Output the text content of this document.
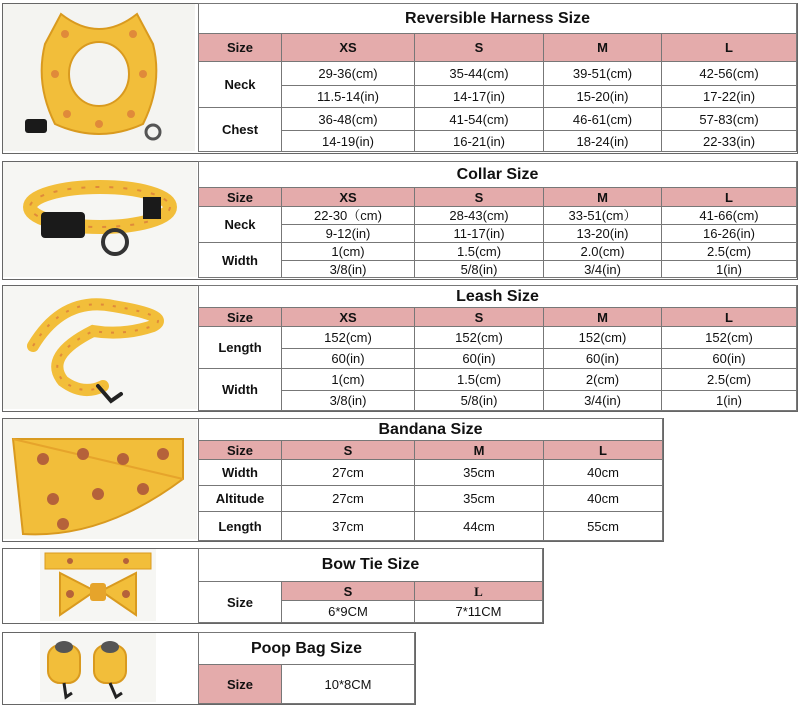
Reversible Harness Size				
Size	XS	S	M	L
Neck	29-36(cm)	35-44(cm)	39-51(cm)	42-56(cm)
	11.5-14(in)	14-17(in)	15-20(in)	17-22(in)
Chest	36-48(cm)	41-54(cm)	46-61(cm)	57-83(cm)
	14-19(in)	16-21(in)	18-24(in)	22-33(in)
Collar Size				
Size	XS	S	M	L
Neck	22-30（cm)	28-43(cm)	33-51(cm）	41-66(cm)
	9-12(in)	11-17(in)	13-20(in)	16-26(in)
Width	1(cm)	1.5(cm)	2.0(cm)	2.5(cm)
	3/8(in)	5/8(in)	3/4(in)	1(in)
Leash Size				
Size	XS	S	M	L
Length	152(cm)	152(cm)	152(cm)	152(cm)
	60(in)	60(in)	60(in)	60(in)
Width	1(cm)	1.5(cm)	2(cm)	2.5(cm)
	3/8(in)	5/8(in)	3/4(in)	1(in)
Bandana Size			
Size	S	M	L
Width	27cm	35cm	40cm
Altitude	27cm	35cm	40cm
Length	37cm	44cm	55cm
Bow Tie Size		
Size	S	L
	6*9CM	7*11CM
Poop Bag Size
Size	10*8CM
